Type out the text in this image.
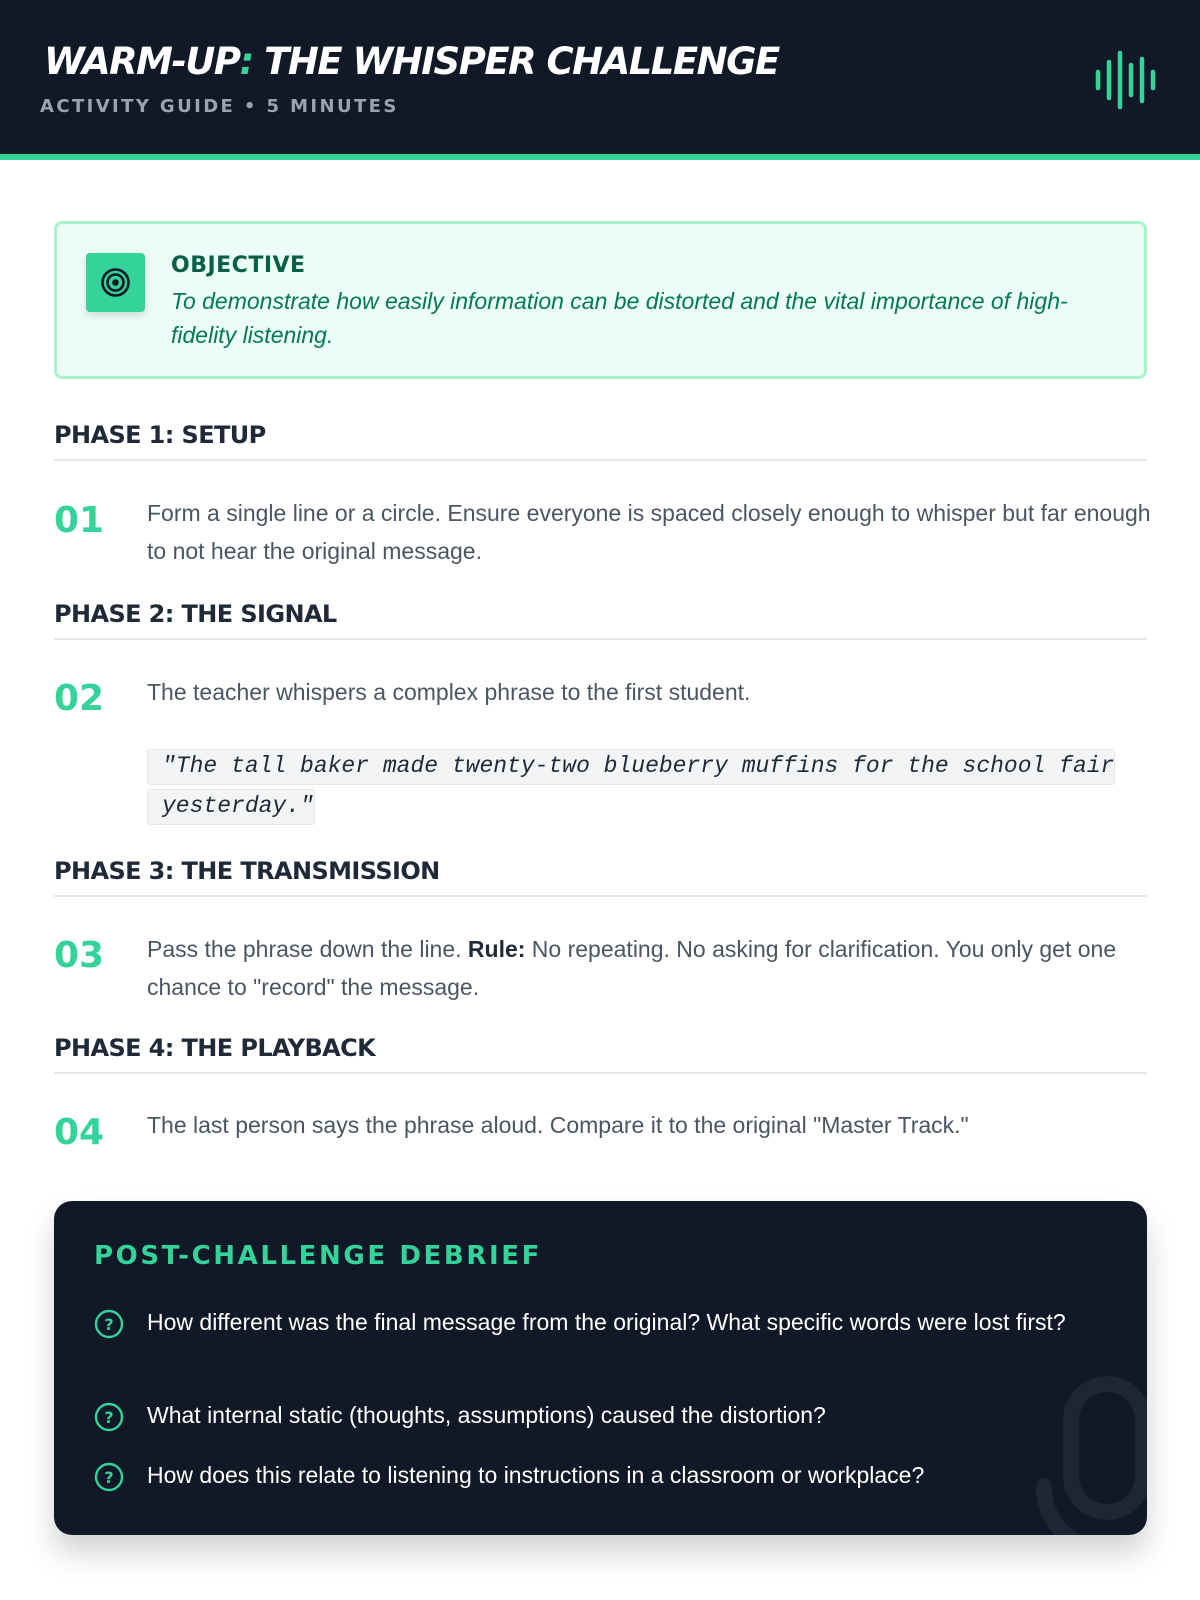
WARM-UP: THE WHISPER CHALLENGE
ACTIVITY GUIDE • 5 MINUTES
OBJECTIVE
To demonstrate how easily information can be distorted and the vital importance of high-fidelity listening.
PHASE 1: SETUP
01 Form a single line or a circle. Ensure everyone is spaced closely enough to whisper but far enough to not hear the original message.
PHASE 2: THE SIGNAL
02 The teacher whispers a complex phrase to the first student.
"The tall baker made twenty-two blueberry muffins for the school fair yesterday."
PHASE 3: THE TRANSMISSION
03 Pass the phrase down the line. Rule: No repeating. No asking for clarification. You only get one chance to "record" the message.
PHASE 4: THE PLAYBACK
04 The last person says the phrase aloud. Compare it to the original "Master Track."
POST-CHALLENGE DEBRIEF
? How different was the final message from the original? What specific words were lost first?
? What internal static (thoughts, assumptions) caused the distortion?
? How does this relate to listening to instructions in a classroom or workplace?
